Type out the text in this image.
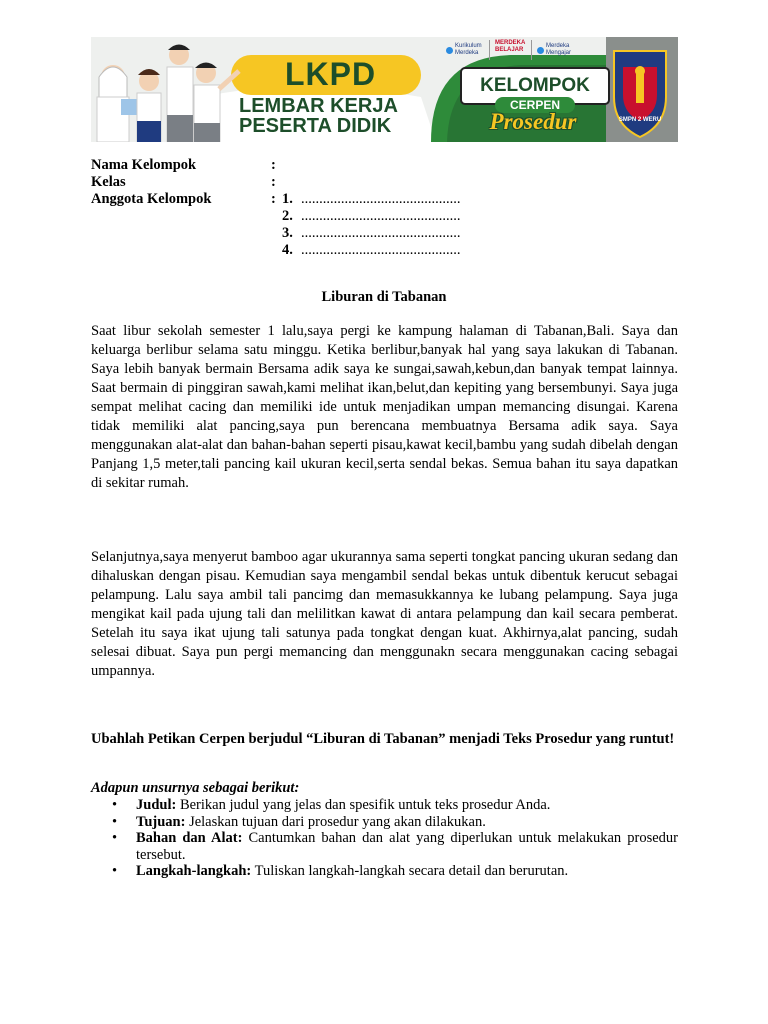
Kurikulum Merdeka
MERDEKA BELAJAR
Merdeka Mengajar
LKPD
LEMBAR KERJA
PESERTA DIDIK
KELOMPOK
CERPEN
Prosedur	SMPN 2 WERU
Nama Kelompok	:
Kelas	:
Anggota Kelompok	: 1. ............................................
2. ............................................
3. ............................................
4. ............................................
Liburan di Tabanan

Saat libur sekolah semester 1 lalu,saya pergi ke kampung halaman di Tabanan,Bali. Saya dan keluarga berlibur selama satu minggu. Ketika berlibur,banyak hal yang saya lakukan di Tabanan. Saya lebih banyak bermain Bersama adik saya ke sungai,sawah,kebun,dan banyak tempat lainnya. Saat bermain di pinggiran sawah,kami melihat ikan,belut,dan kepiting yang bersembunyi. Saya juga sempat melihat cacing dan memiliki ide untuk menjadikan umpan memancing disungai. Karena tidak memiliki alat pancing,saya pun berencana membuatnya Bersama adik saya. Saya menggunakan alat-alat dan bahan-bahan seperti pisau,kawat kecil,bambu yang sudah dibelah dengan Panjang 1,5 meter,tali pancing kail ukuran kecil,serta sendal bekas. Semua bahan itu saya dapatkan di sekitar rumah.

Selanjutnya,saya menyerut bamboo agar ukurannya sama seperti tongkat pancing ukuran sedang dan dihaluskan dengan pisau. Kemudian saya mengambil sendal bekas untuk dibentuk kerucut sebagai pelampung. Lalu saya ambil tali pancimg dan memasukkannya ke lubang pelampung. Saya juga mengikat kail pada ujung tali dan melilitkan kawat di antara pelampung dan kail secara pemberat. Setelah itu saya ikat ujung tali satunya pada tongkat dengan kuat. Akhirnya,alat pancing, sudah selesai dibuat. Saya pun pergi memancing dan menggunakn secara menggunakan cacing sebagai umpannya.

Ubahlah Petikan Cerpen berjudul “Liburan di Tabanan” menjadi Teks Prosedur yang runtut!
Adapun unsurnya sebagai berikut:
• Judul: Berikan judul yang jelas dan spesifik untuk teks prosedur Anda.
• Tujuan: Jelaskan tujuan dari prosedur yang akan dilakukan.
• Bahan dan Alat: Cantumkan bahan dan alat yang diperlukan untuk melakukan prosedur tersebut.
• Langkah-langkah: Tuliskan langkah-langkah secara detail dan berurutan.
